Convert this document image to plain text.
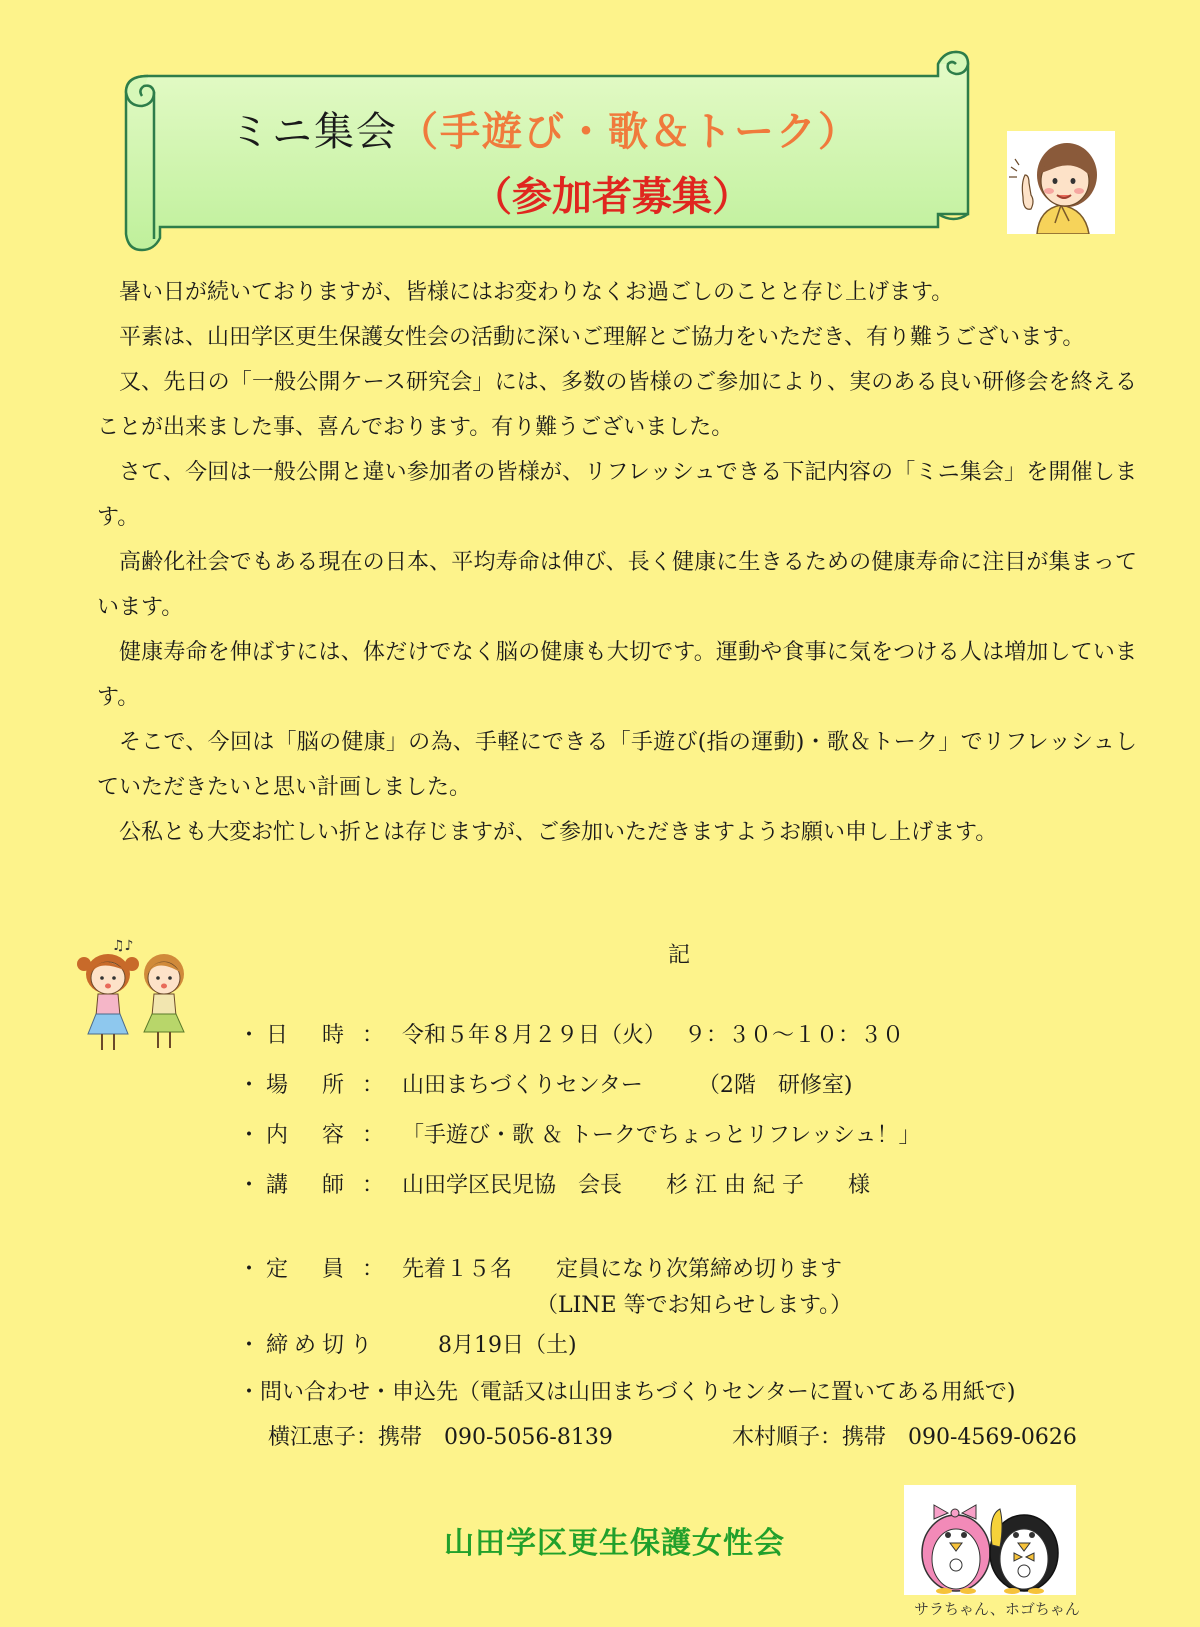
ミニ集会（手遊び・歌＆トーク）
（参加者募集）

暑い日が続いておりますが、皆様にはお変わりなくお過ごしのことと存じ上げます。

平素は、山田学区更生保護女性会の活動に深いご理解とご協力をいただき、有り難うございます。

又、先日の「一般公開ケース研究会」には、多数の皆様のご参加により、実のある良い研修会を終えることが出来ました事、喜んでおります。有り難うございました。

さて、今回は一般公開と違い参加者の皆様が、リフレッシュできる下記内容の「ミニ集会」を開催します。

高齢化社会でもある現在の日本、平均寿命は伸び、長く健康に生きるための健康寿命に注目が集まっています。

健康寿命を伸ばすには、体だけでなく脳の健康も大切です。運動や食事に気をつける人は増加しています。

そこで、今回は「脳の健康」の為、手軽にできる「手遊び(指の運動)・歌＆トーク」でリフレッシュしていただきたいと思い計画しました。

公私とも大変お忙しい折とは存じますが、ご参加いただきますようお願い申し上げます。

♫♪	記
・日　時 ： 令和５年８月２９日（火）　 ９：３０〜１０：３０
・場　所 ： 山田まちづくりセンター　　　（2階　研修室)
・内　容 ： 「手遊び・歌 ＆ トークでちょっとリフレッシュ！」
・講　師 ： 山田学区民児協　会長　　杉 江 由 紀 子　　様
・定　員 ： 先着１５名　　定員になり次第締め切ります
（LINE 等でお知らせします。）
・締め切り	8月19日（土)
・問い合わせ・申込先（電話又は山田まちづくりセンターに置いてある用紙で)
横江恵子：携帯　090-5056-8139	木村順子：携帯　090-4569-0626
山田学区更生保護女性会
サラちゃん、ホゴちゃん
